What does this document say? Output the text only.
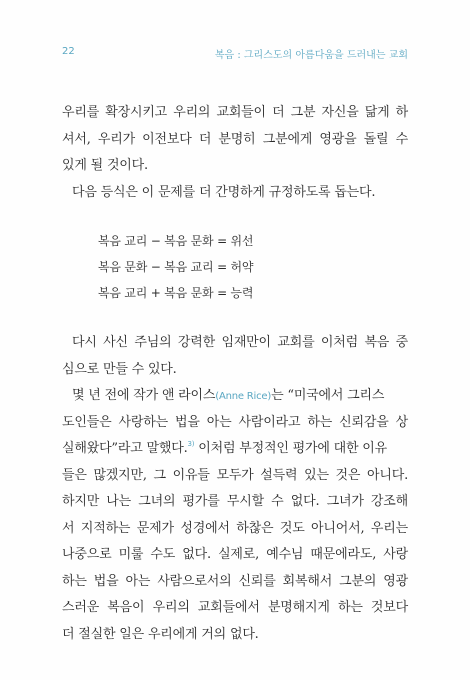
22	복음 : 그리스도의 아름다움을 드러내는 교회
우리를 확장시키고 우리의 교회들이 더 그분 자신을 닮게 하
셔서, 우리가 이전보다 더 분명히 그분에게 영광을 돌릴 수
있게 될 것이다.
다음 등식은 이 문제를 더 간명하게 규정하도록 돕는다.
복음 교리 − 복음 문화 = 위선
복음 문화 − 복음 교리 = 허약
복음 교리 + 복음 문화 = 능력
다시 사신 주님의 강력한 임재만이 교회를 이처럼 복음 중
심으로 만들 수 있다.
몇 년 전에 작가 앤 라이스(Anne Rice)는 “미국에서 그리스
도인들은 사랑하는 법을 아는 사람이라고 하는 신뢰감을 상
실해왔다”라고 말했다.$^{3)}$ 이처럼 부정적인 평가에 대한 이유
들은 많겠지만, 그 이유들 모두가 설득력 있는 것은 아니다.
하지만 나는 그녀의 평가를 무시할 수 없다. 그녀가 강조해
서 지적하는 문제가 성경에서 하찮은 것도 아니어서, 우리는
나중으로 미룰 수도 없다. 실제로, 예수님 때문에라도, 사랑
하는 법을 아는 사람으로서의 신뢰를 회복해서 그분의 영광
스러운 복음이 우리의 교회들에서 분명해지게 하는 것보다
더 절실한 일은 우리에게 거의 없다.
